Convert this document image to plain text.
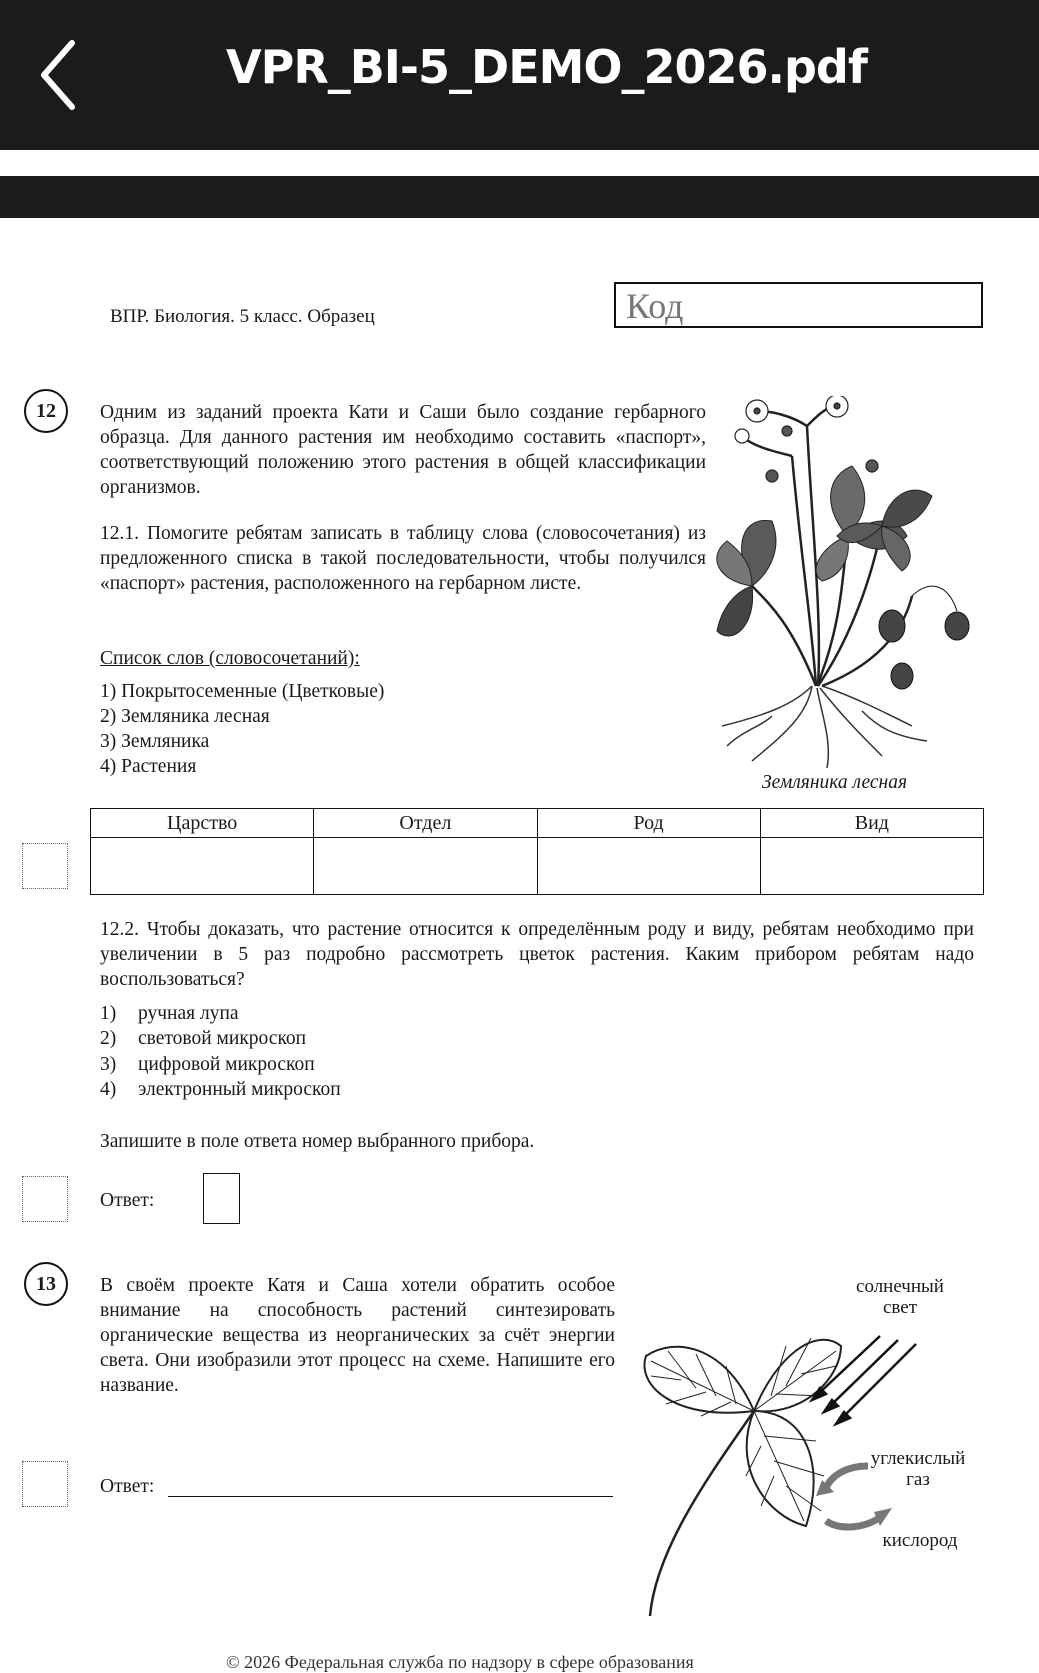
VPR_BI-5_DEMO_2026.pdf
ВПР. Биология. 5 класс. Образец	Код
12	Одним из заданий проекта Кати и Саши было создание гербарного образца. Для данного растения им необходимо составить «паспорт», соответствующий положению этого растения в общей классификации организмов.
12.1. Помогите ребятам записать в таблицу слова (словосочетания) из предложенного списка в такой последовательности, чтобы получился «паспорт» растения, расположенного на гербарном листе.
Список слов (словосочетаний):
1) Покрытосеменные (Цветковые)
2) Земляника лесная
3) Земляника
4) Растения
Земляника лесная
Царство	Отдел	Род	Вид

12.2. Чтобы доказать, что растение относится к определённым роду и виду, ребятам необходимо при увеличении в 5 раз подробно рассмотреть цветок растения. Каким прибором ребятам надо воспользоваться?
1) ручная лупа
2) световой микроскоп
3) цифровой микроскоп
4) электронный микроскоп
Запишите в поле ответа номер выбранного прибора.
Ответ:
13	В своём проекте Катя и Саша хотели обратить особое внимание на способность растений синтезировать органические вещества из неорганических за счёт энергии света. Они изобразили этот процесс на схеме. Напишите его название.
Ответ:
солнечный
свет
углекислый
газ
кислород
© 2026 Федеральная служба по надзору в сфере образования
